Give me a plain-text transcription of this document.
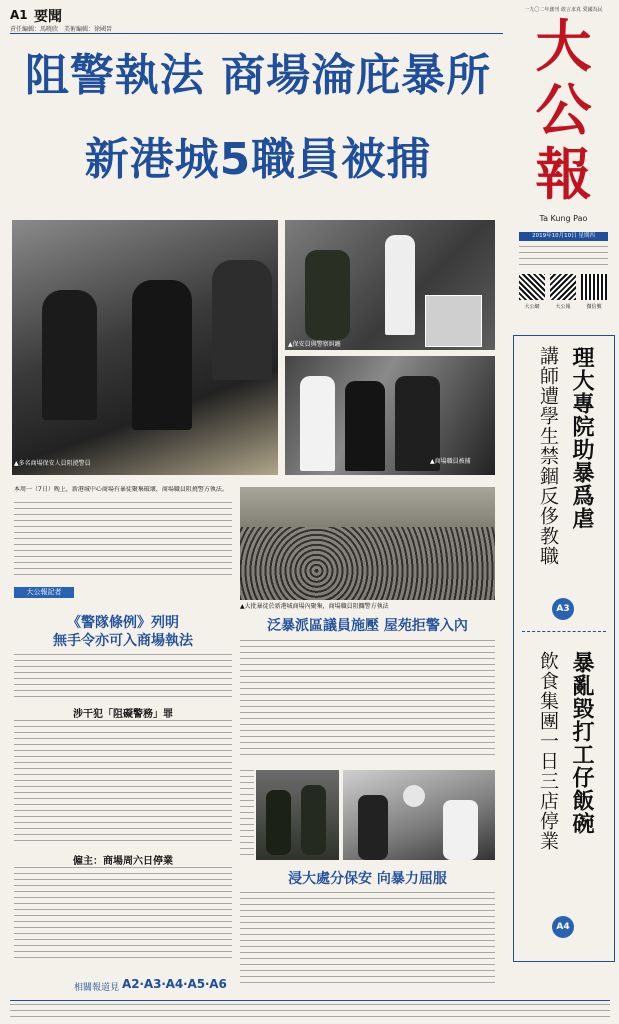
A1 要聞
責任編輯：馬曉欣　美術編輯：徐國晉
一九〇二年創刊 敢言求真 愛國為民
大
公
報
Ta Kung Pao
2019年10月10日 星期四
大公網	大公報	微信號
阻警執法 商場淪庇暴所
新港城5職員被捕
▲多名商場保安人員阻撓警員
▲保安員與警察糾纏
▲商場職員被捕
本周一（7日）晚上，新港城中心商場有暴徒聚集破壞，商場職員阻撓警方執法。
大公報記者
《警隊條例》列明
無手令亦可入商場執法
涉干犯「阻礙警務」罪
僱主：商場周六日停業
相關報道見 A2‧A3‧A4‧A5‧A6
▲大批暴徒於新港城商場內聚集，商場職員阻攔警方執法
泛暴派區議員施壓 屋苑拒警入內
浸大處分保安 向暴力屈服
理大專院助暴爲虐
講師遭學生禁錮反侈教職
A3
暴亂毀打工仔飯碗
飲食集團一日三店停業
A4
